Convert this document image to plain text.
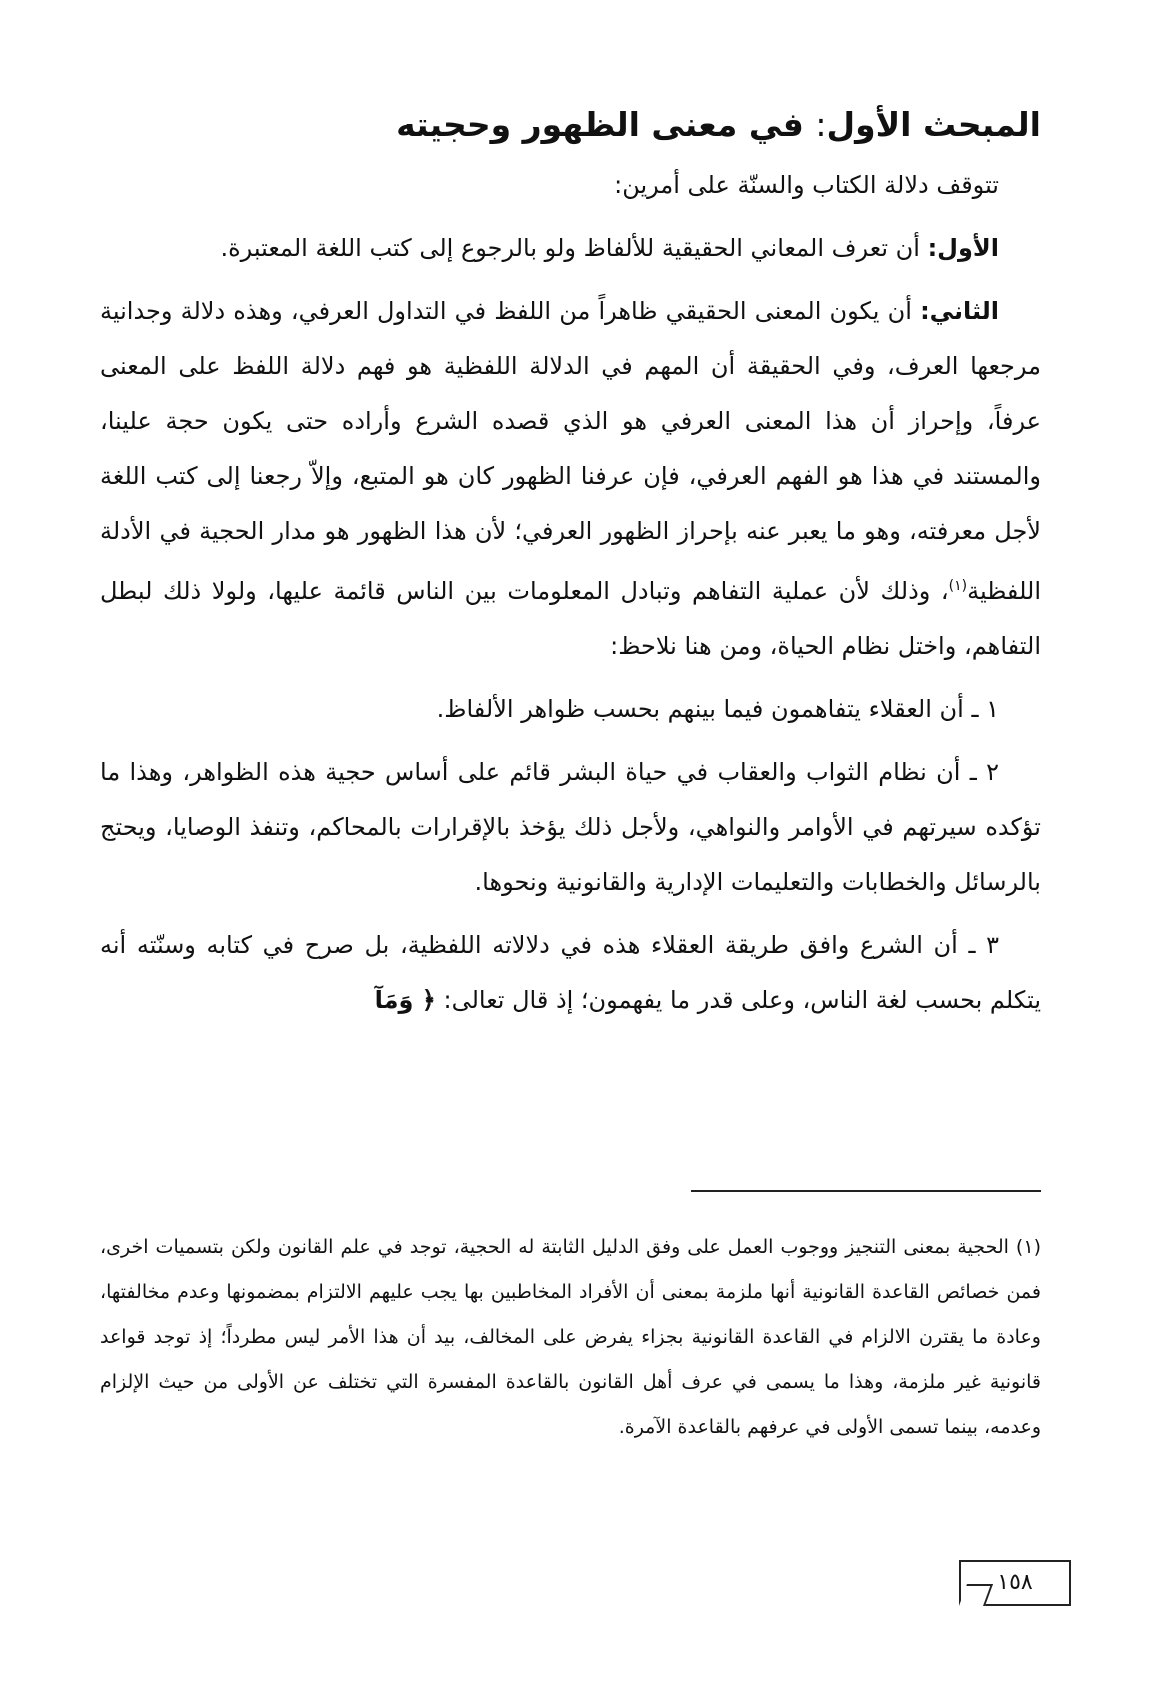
المبحث الأول: في معنى الظهور وحجيته

تتوقف دلالة الكتاب والسنّة على أمرين:

الأول: أن تعرف المعاني الحقيقية للألفاظ ولو بالرجوع إلى كتب اللغة المعتبرة.

الثاني: أن يكون المعنى الحقيقي ظاهراً من اللفظ في التداول العرفي، وهذه دلالة وجدانية مرجعها العرف، وفي الحقيقة أن المهم في الدلالة اللفظية هو فهم دلالة اللفظ على المعنى عرفاً، وإحراز أن هذا المعنى العرفي هو الذي قصده الشرع وأراده حتى يكون حجة علينا، والمستند في هذا هو الفهم العرفي، فإن عرفنا الظهور كان هو المتبع، وإلاّ رجعنا إلى كتب اللغة لأجل معرفته، وهو ما يعبر عنه بإحراز الظهور العرفي؛ لأن هذا الظهور هو مدار الحجية في الأدلة اللفظية$^{(١)}$، وذلك لأن عملية التفاهم وتبادل المعلومات بين الناس قائمة عليها، ولولا ذلك لبطل التفاهم، واختل نظام الحياة، ومن هنا نلاحظ:

١ ـ أن العقلاء يتفاهمون فيما بينهم بحسب ظواهر الألفاظ.

٢ ـ أن نظام الثواب والعقاب في حياة البشر قائم على أساس حجية هذه الظواهر، وهذا ما تؤكده سيرتهم في الأوامر والنواهي، ولأجل ذلك يؤخذ بالإقرارات بالمحاكم، وتنفذ الوصايا، ويحتج بالرسائل والخطابات والتعليمات الإدارية والقانونية ونحوها.

٣ ـ أن الشرع وافق طريقة العقلاء هذه في دلالاته اللفظية، بل صرح في كتابه وسنّته أنه يتكلم بحسب لغة الناس، وعلى قدر ما يفهمون؛ إذ قال تعالى: ﴿ وَمَآ

(١) الحجية بمعنى التنجيز ووجوب العمل على وفق الدليل الثابتة له الحجية، توجد في علم القانون ولكن بتسميات اخرى، فمن خصائص القاعدة القانونية أنها ملزمة بمعنى أن الأفراد المخاطبين بها يجب عليهم الالتزام بمضمونها وعدم مخالفتها، وعادة ما يقترن الالزام في القاعدة القانونية بجزاء يفرض على المخالف، بيد أن هذا الأمر ليس مطرداً؛ إذ توجد قواعد قانونية غير ملزمة، وهذا ما يسمى في عرف أهل القانون بالقاعدة المفسرة التي تختلف عن الأولى من حيث الإلزام وعدمه، بينما تسمى الأولى في عرفهم بالقاعدة الآمرة.

١٥٨
